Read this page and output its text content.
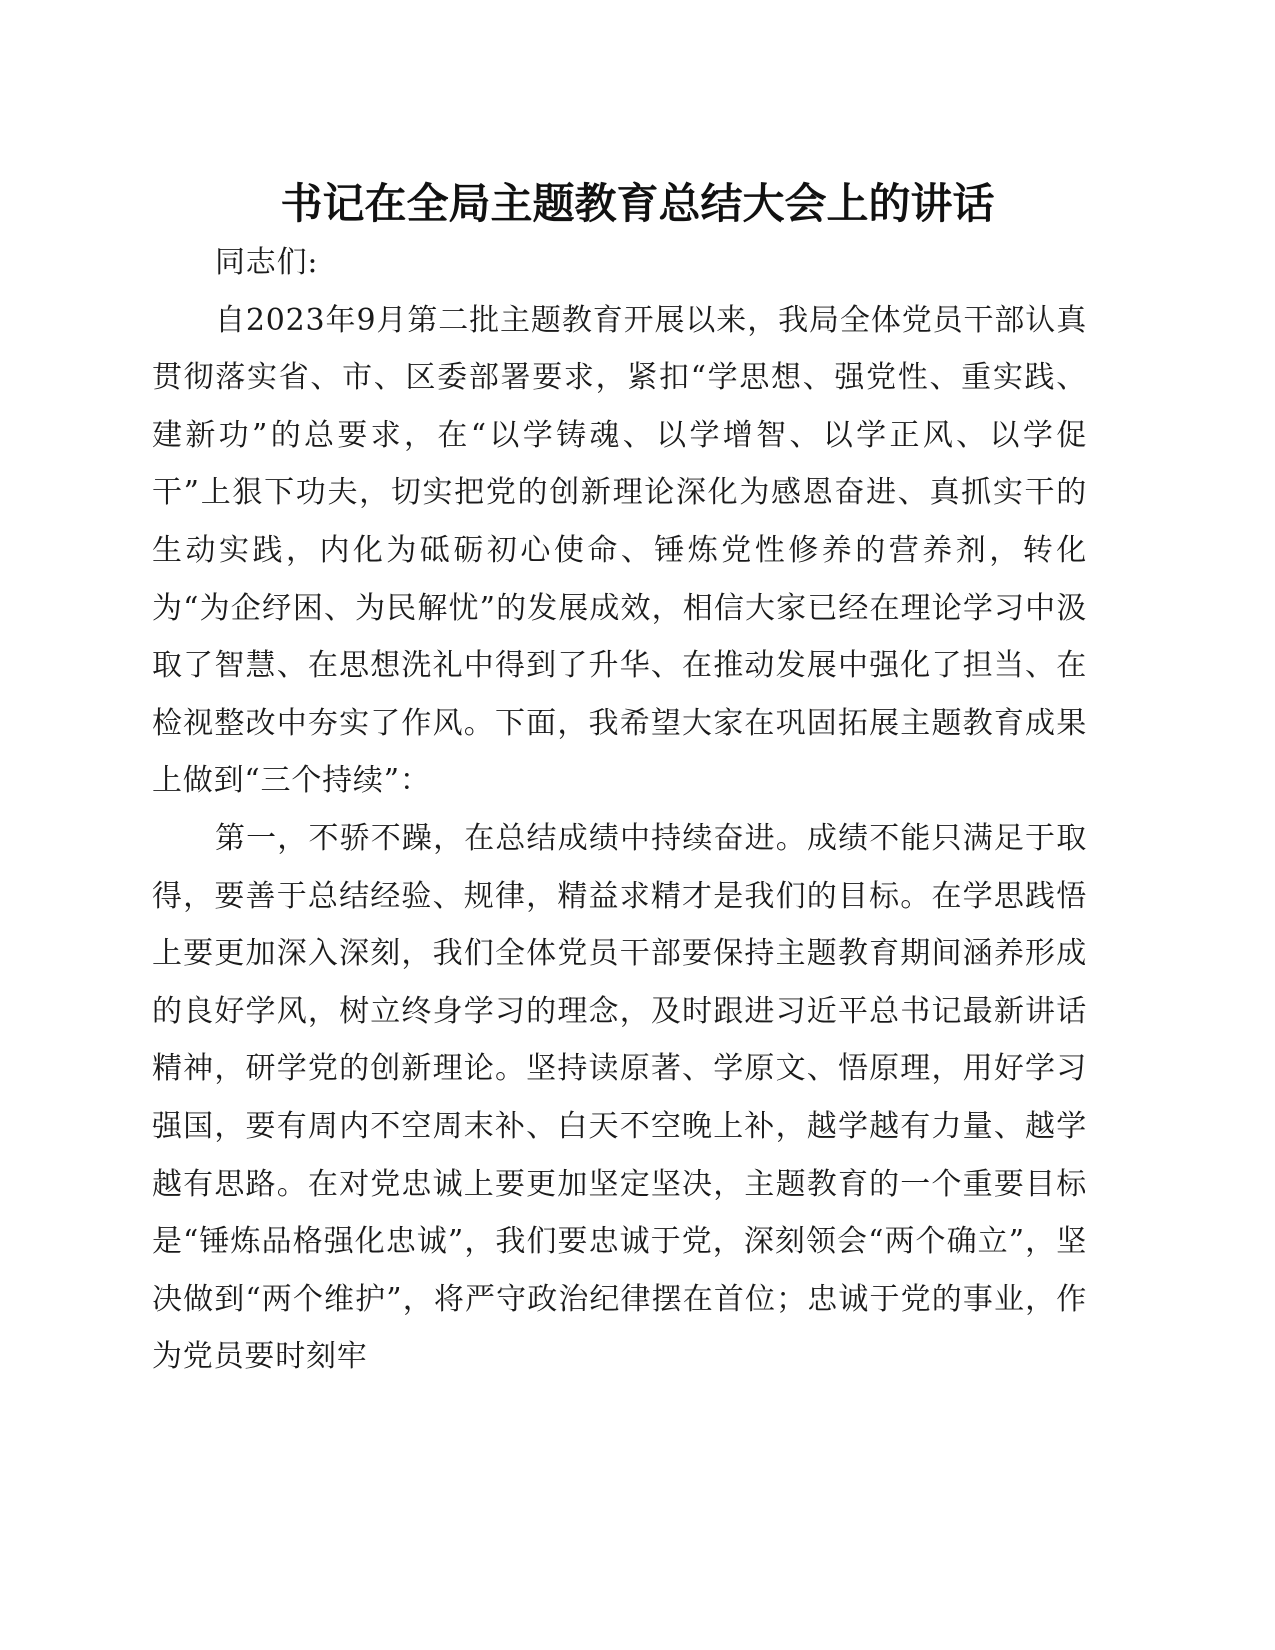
书记在全局主题教育总结大会上的讲话

同志们:

自2023年9月第二批主题教育开展以来，我局全体党员干部认真贯彻落实省、市、区委部署要求，紧扣“学思想、强党性、重实践、建新功”的总要求，在“以学铸魂、以学增智、以学正风、以学促干”上狠下功夫，切实把党的创新理论深化为感恩奋进、真抓实干的生动实践，内化为砥砺初心使命、锤炼党性修养的营养剂，转化为“为企纾困、为民解忧”的发展成效，相信大家已经在理论学习中汲取了智慧、在思想洗礼中得到了升华、在推动发展中强化了担当、在检视整改中夯实了作风。下面，我希望大家在巩固拓展主题教育成果上做到“三个持续”：

第一，不骄不躁，在总结成绩中持续奋进。成绩不能只满足于取得，要善于总结经验、规律，精益求精才是我们的目标。在学思践悟上要更加深入深刻，我们全体党员干部要保持主题教育期间涵养形成的良好学风，树立终身学习的理念，及时跟进习近平总书记最新讲话精神，研学党的创新理论。坚持读原著、学原文、悟原理，用好学习强国，要有周内不空周末补、白天不空晚上补，越学越有力量、越学越有思路。在对党忠诚上要更加坚定坚决，主题教育的一个重要目标是“锤炼品格强化忠诚”，我们要忠诚于党，深刻领会“两个确立”，坚决做到“两个维护”，将严守政治纪律摆在首位；忠诚于党的事业，作为党员要时刻牢
